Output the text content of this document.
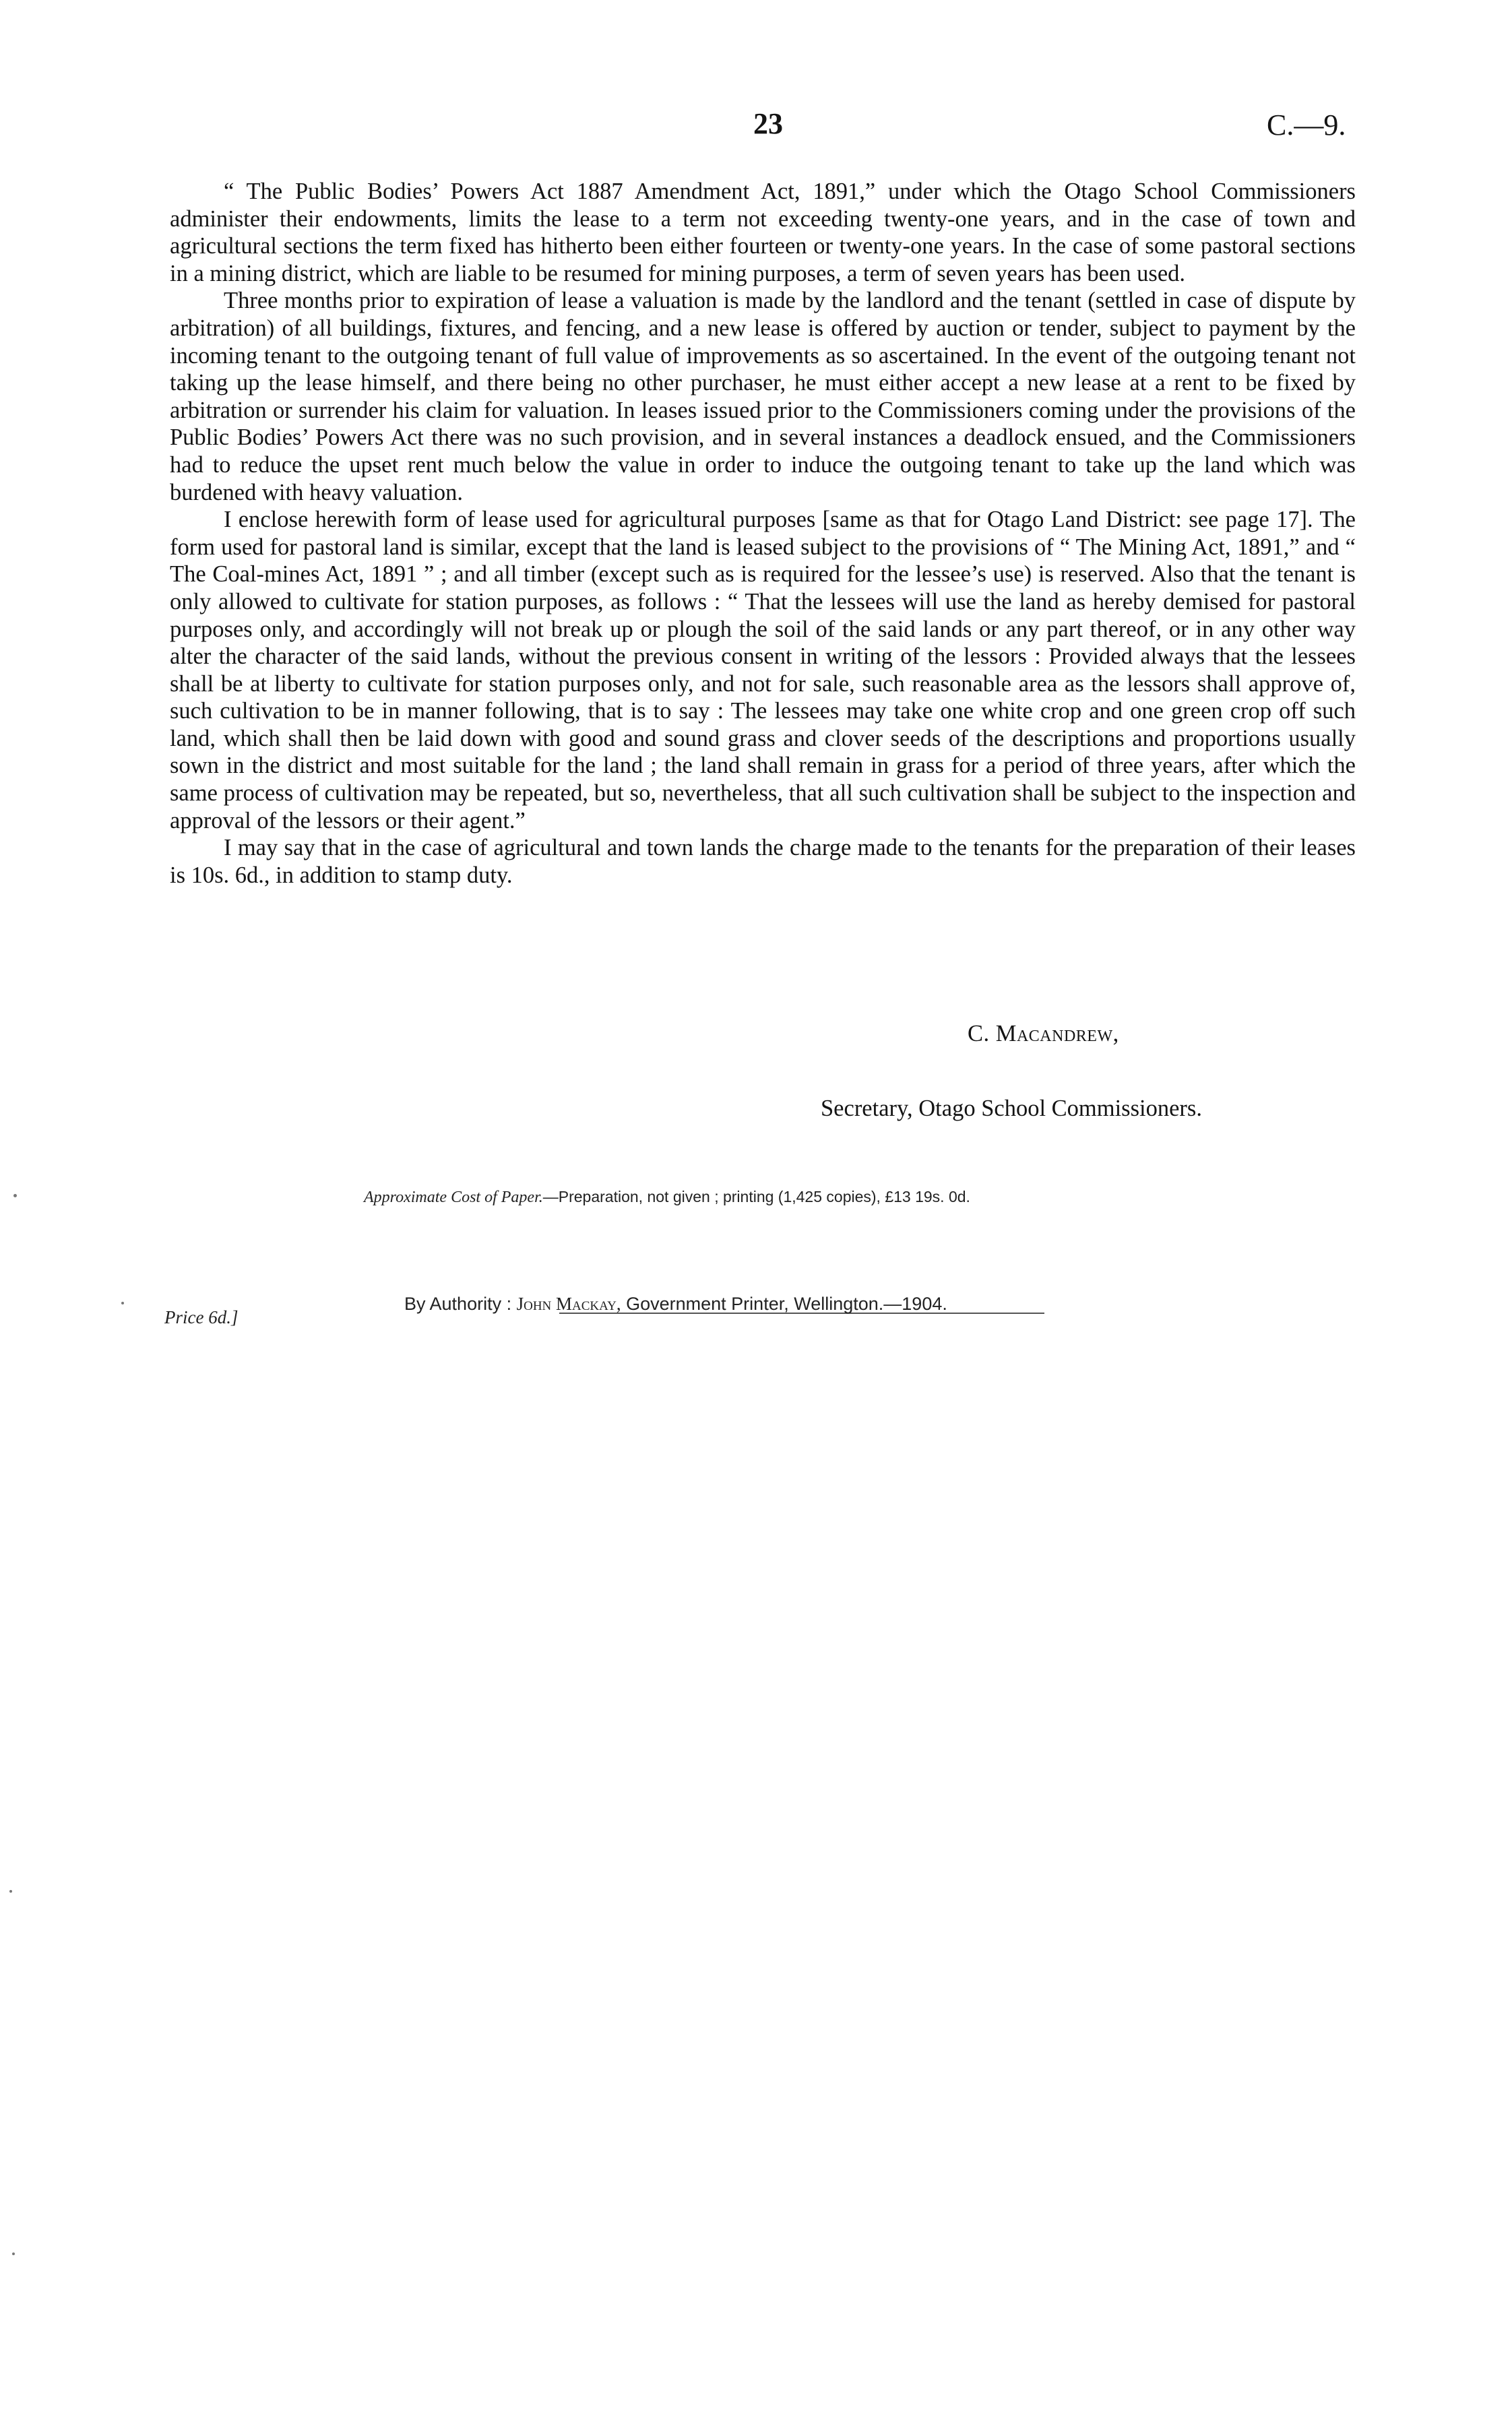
23	C.—9.

“ The Public Bodies’ Powers Act 1887 Amendment Act, 1891,” under which the Otago School Commissioners administer their endowments, limits the lease to a term not exceeding twenty-one years, and in the case of town and agricultural sections the term fixed has hitherto been either fourteen or twenty-one years. In the case of some pastoral sections in a mining district, which are liable to be resumed for mining purposes, a term of seven years has been used.

Three months prior to expiration of lease a valuation is made by the landlord and the tenant (settled in case of dispute by arbitration) of all buildings, fixtures, and fencing, and a new lease is offered by auction or tender, subject to payment by the incoming tenant to the outgoing tenant of full value of improvements as so ascertained. In the event of the outgoing tenant not taking up the lease himself, and there being no other purchaser, he must either accept a new lease at a rent to be fixed by arbitration or surrender his claim for valuation. In leases issued prior to the Commissioners coming under the provisions of the Public Bodies’ Powers Act there was no such provision, and in several instances a deadlock ensued, and the Commissioners had to reduce the upset rent much below the value in order to induce the outgoing tenant to take up the land which was burdened with heavy valuation.

I enclose herewith form of lease used for agricultural purposes [same as that for Otago Land District: see page 17]. The form used for pastoral land is similar, except that the land is leased subject to the provisions of “ The Mining Act, 1891,” and “ The Coal-mines Act, 1891 ” ; and all timber (except such as is required for the lessee’s use) is reserved. Also that the tenant is only allowed to cultivate for station purposes, as follows : “ That the lessees will use the land as hereby demised for pastoral purposes only, and accordingly will not break up or plough the soil of the said lands or any part thereof, or in any other way alter the character of the said lands, without the previous consent in writing of the lessors : Provided always that the lessees shall be at liberty to cultivate for station purposes only, and not for sale, such reasonable area as the lessors shall approve of, such cultivation to be in manner following, that is to say : The lessees may take one white crop and one green crop off such land, which shall then be laid down with good and sound grass and clover seeds of the descriptions and proportions usually sown in the district and most suitable for the land ; the land shall remain in grass for a period of three years, after which the same process of cultivation may be repeated, but so, nevertheless, that all such cultivation shall be subject to the inspection and approval of the lessors or their agent.”

I may say that in the case of agricultural and town lands the charge made to the tenants for the preparation of their leases is 10s. 6d., in addition to stamp duty.

C. Macandrew,
Secretary, Otago School Commissioners.
Approximate Cost of Paper.—Preparation, not given ; printing (1,425 copies), £13 19s. 0d.
By Authority : John Mackay, Government Printer, Wellington.—1904.
Price 6d.]
